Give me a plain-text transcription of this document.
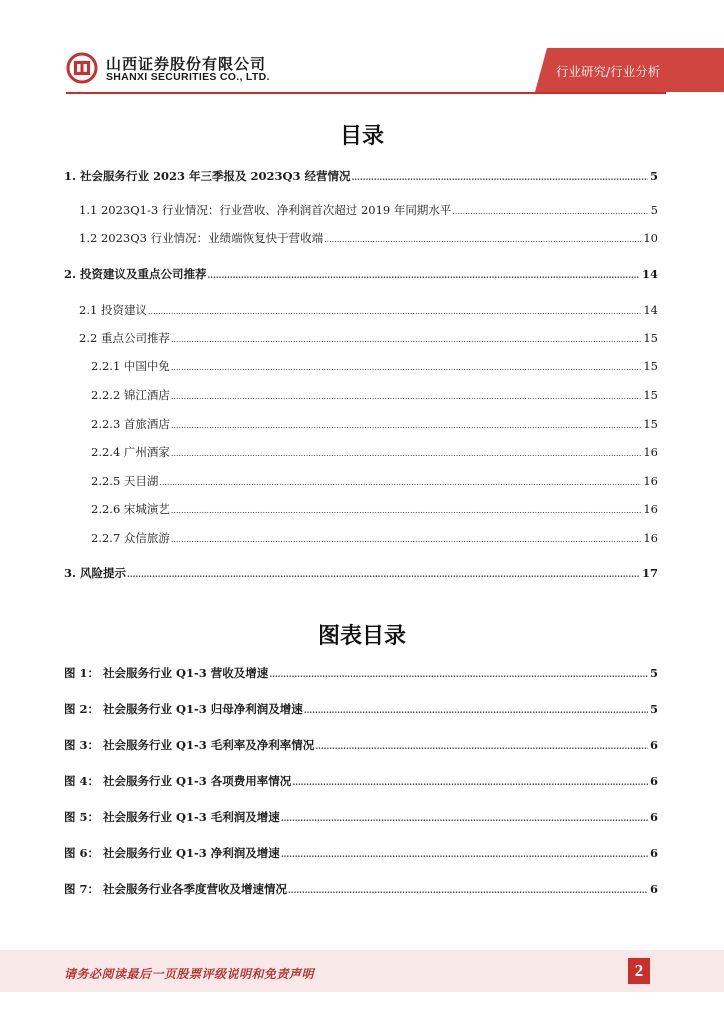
山西证券股份有限公司
SHANXI SECURITIES CO., LTD.	行业研究/行业分析
目录
1. 社会服务行业 2023 年三季报及 2023Q3 经营情况 .....	5
1.1 2023Q1-3 行业情况：行业营收、净利润首次超过 2019 年同期水平 .....	5
1.2 2023Q3 行业情况：业绩端恢复快于营收端 .....	10
2. 投资建议及重点公司推荐 .....	14
2.1 投资建议 .....	14
2.2 重点公司推荐 .....	15
2.2.1 中国中免 .....	15
2.2.2 锦江酒店 .....	15
2.2.3 首旅酒店 .....	15
2.2.4 广州酒家 .....	16
2.2.5 天目湖 .....	16
2.2.6 宋城演艺 .....	16
2.2.7 众信旅游 .....	16
3. 风险提示 .....	17
图表目录
图 1： 社会服务行业 Q1-3 营收及增速 .....	5
图 2： 社会服务行业 Q1-3 归母净利润及增速 .....	5
图 3： 社会服务行业 Q1-3 毛利率及净利率情况 .....	6
图 4： 社会服务行业 Q1-3 各项费用率情况 .....	6
图 5： 社会服务行业 Q1-3 毛利润及增速 .....	6
图 6： 社会服务行业 Q1-3 净利润及增速 .....	6
图 7： 社会服务行业各季度营收及增速情况 .....	6
请务必阅读最后一页股票评级说明和免责声明	2
